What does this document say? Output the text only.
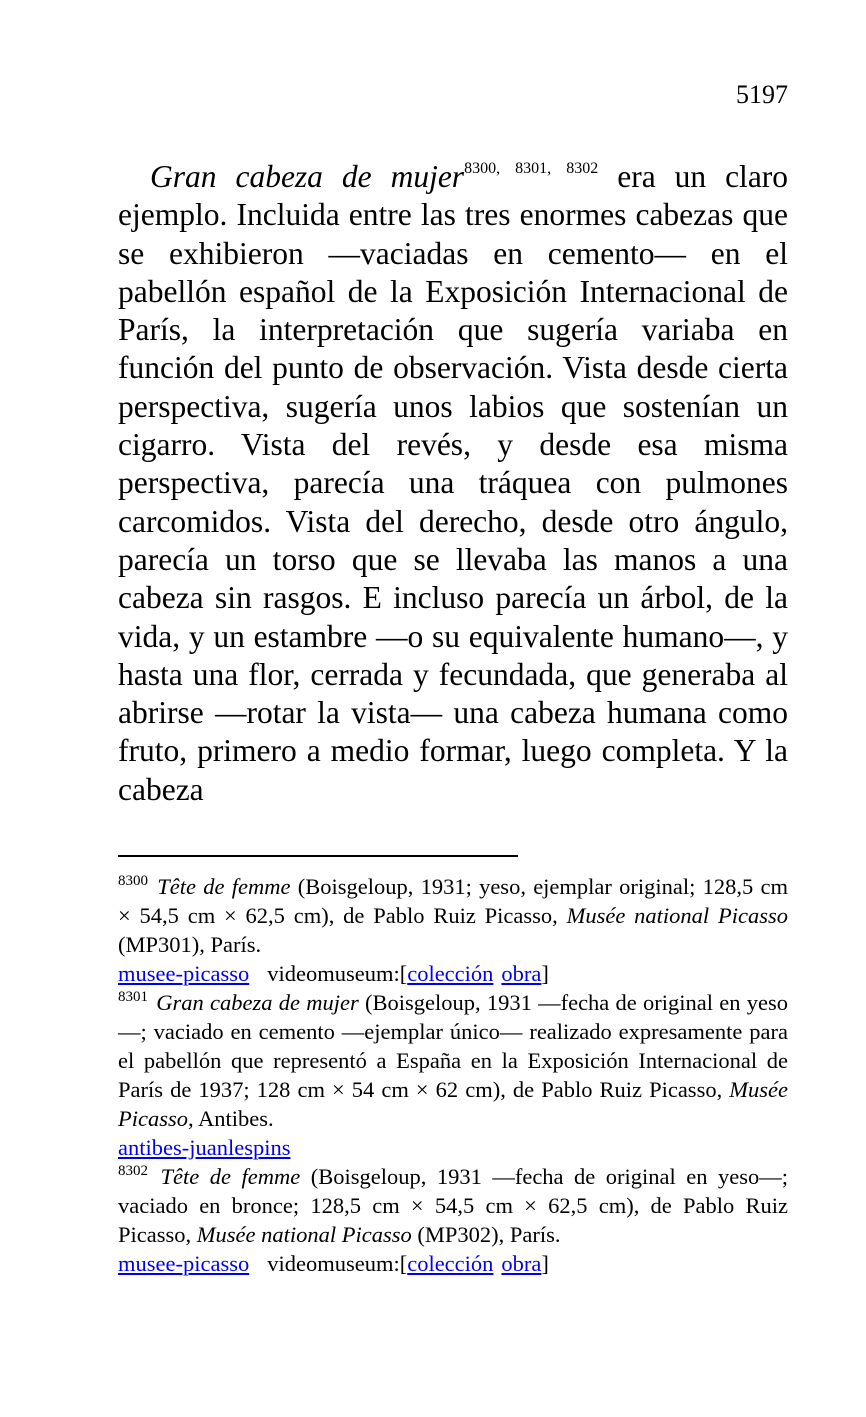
5197

Gran cabeza de mujer$^{8300, 8301, 8302}$ era un claro ejemplo. Incluida entre las tres enormes cabezas que se exhibieron —vaciadas en cemento— en el pabellón español de la Exposición Internacional de París, la interpretación que sugería variaba en función del punto de observación. Vista desde cierta perspectiva, sugería unos labios que sostenían un cigarro. Vista del revés, y desde esa misma perspectiva, parecía una tráquea con pulmones carcomidos. Vista del derecho, desde otro ángulo, parecía un torso que se llevaba las manos a una cabeza sin rasgos. E incluso parecía un árbol, de la vida, y un estambre —o su equivalente humano—, y hasta una flor, cerrada y fecundada, que generaba al abrirse —rotar la vista— una cabeza humana como fruto, primero a medio formar, luego completa. Y la cabeza

$^{8300}$ Tête de femme (Boisgeloup, 1931; yeso, ejemplar original; 128,5 cm × 54,5 cm × 62,5 cm), de Pablo Ruiz Picasso, Musée national Picasso (MP301), París.

musee-picasso videomuseum:[colección obra]

$^{8301}$ Gran cabeza de mujer (Boisgeloup, 1931 —fecha de original en yeso—; vaciado en cemento —ejemplar único— realizado expresamente para el pabellón que representó a España en la Exposición Internacional de París de 1937; 128 cm × 54 cm × 62 cm), de Pablo Ruiz Picasso, Musée Picasso, Antibes.

antibes-juanlespins

$^{8302}$ Tête de femme (Boisgeloup, 1931 —fecha de original en yeso—; vaciado en bronce; 128,5 cm × 54,5 cm × 62,5 cm), de Pablo Ruiz Picasso, Musée national Picasso (MP302), París.

musee-picasso videomuseum:[colección obra]
